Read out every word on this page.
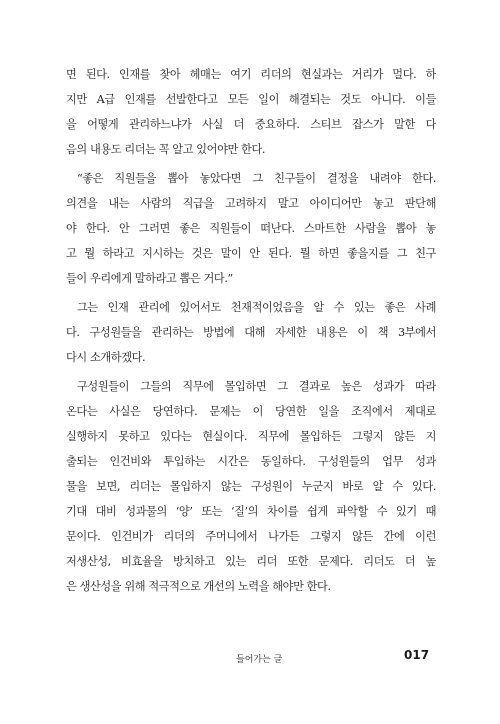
면 된다. 인재를 찾아 헤매는 여기 리더의 현실과는 거리가 멀다. 하
지만 A급 인재를 선발한다고 모든 일이 해결되는 것도 아니다. 이들
을 어떻게 관리하느냐가 사실 더 중요하다. 스티브 잡스가 말한 다
음의 내용도 리더는 꼭 알고 있어야만 한다.
“좋은 직원들을 뽑아 놓았다면 그 친구들이 결정을 내려야 한다.
의견을 내는 사람의 직급을 고려하지 말고 아이디어만 놓고 판단해
야 한다. 안 그러면 좋은 직원들이 떠난다. 스마트한 사람을 뽑아 놓
고 뭘 하라고 지시하는 것은 말이 안 된다. 뭘 하면 좋을지를 그 친구
들이 우리에게 말하라고 뽑은 거다.”
그는 인재 관리에 있어서도 천재적이었음을 알 수 있는 좋은 사례
다. 구성원들을 관리하는 방법에 대해 자세한 내용은 이 책 3부에서
다시 소개하겠다.
구성원들이 그들의 직무에 몰입하면 그 결과로 높은 성과가 따라
온다는 사실은 당연하다. 문제는 이 당연한 일을 조직에서 제대로
실행하지 못하고 있다는 현실이다. 직무에 몰입하든 그렇지 않든 지
출되는 인건비와 투입하는 시간은 동일하다. 구성원들의 업무 성과
물을 보면, 리더는 몰입하지 않는 구성원이 누군지 바로 알 수 있다.
기대 대비 성과물의 ‘양’ 또는 ‘질’의 차이를 쉽게 파악할 수 있기 때
문이다. 인건비가 리더의 주머니에서 나가든 그렇지 않든 간에 이런
저생산성, 비효율을 방치하고 있는 리더 또한 문제다. 리더도 더 높
은 생산성을 위해 적극적으로 개선의 노력을 해야만 한다.
들어가는 글	017
